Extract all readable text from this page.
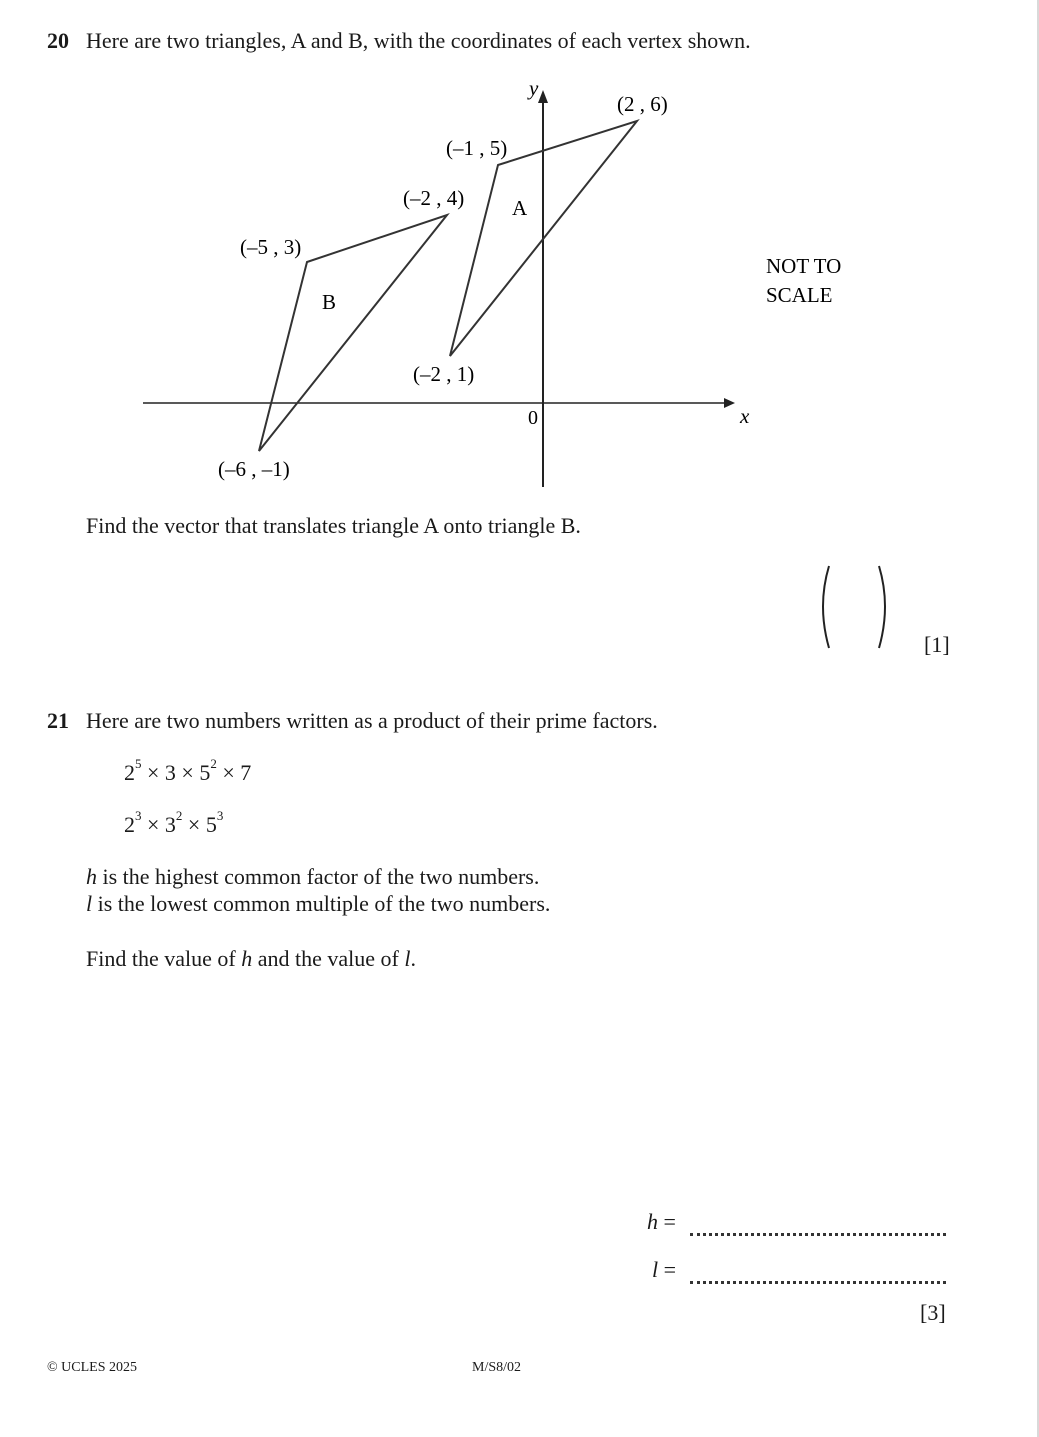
20 Here are two triangles, A and B, with the coordinates of each vertex shown.
y
x
0
A
B
(–1 , 5)
(2 , 6)
(–2 , 1)
(–5 , 3)
(–2 , 4)
(–6 , –1)
NOT TO
SCALE
Find the vector that translates triangle A onto triangle B.
[1]
21 Here are two numbers written as a product of their prime factors.
$2^5 \times 3 \times 5^2 \times 7$
$2^3 \times 3^2 \times 5^3$
h is the highest common factor of the two numbers.
l is the lowest common multiple of the two numbers.
Find the value of h and the value of l.
h =
l =
[3]
© UCLES 2025	M/S8/02
